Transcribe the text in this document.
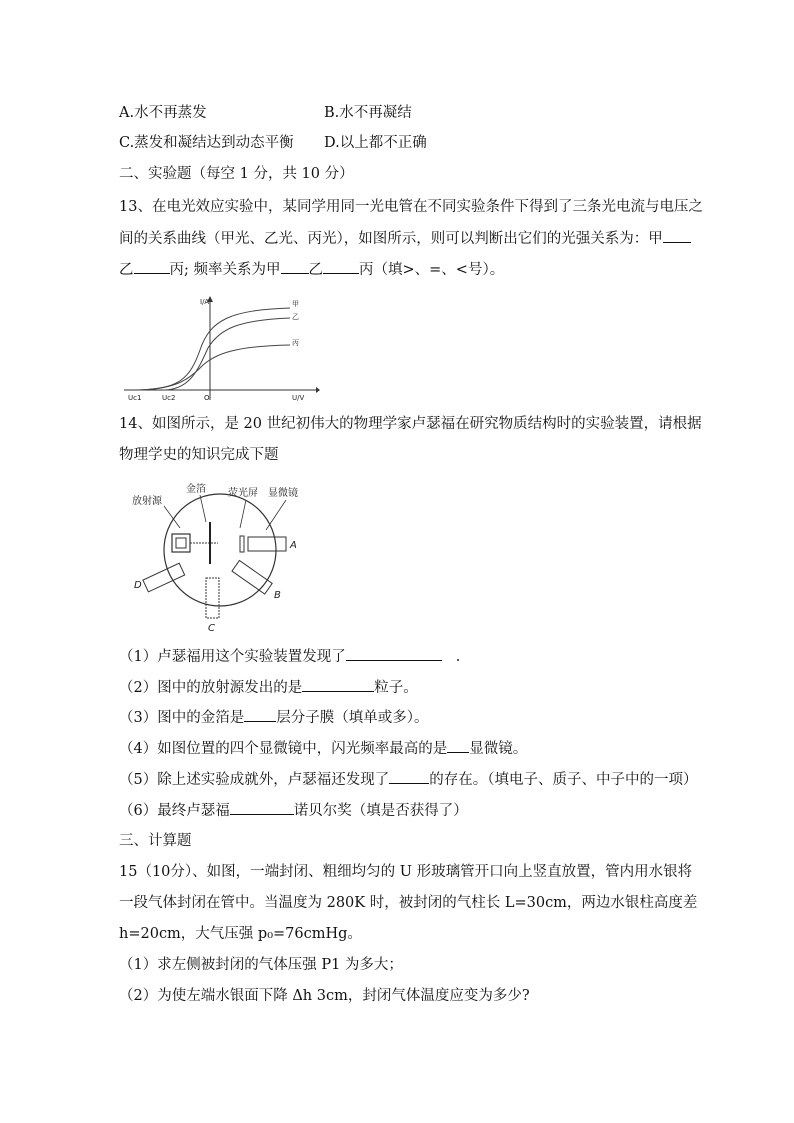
A.水不再蒸发	B.水不再凝结
C.蒸发和凝结达到动态平衡 D.以上都不正确
二、实验题（每空 1 分，共 10 分）
13、在电光效应实验中，某同学用同一光电管在不同实验条件下得到了三条光电流与电压之
间的关系曲线（甲光、乙光、丙光），如图所示，则可以判断出它们的光强关系为：甲
乙 丙; 频率关系为甲 乙 丙（填>、=、<号）。
I/A
U/V
O
Uc1	Uc2
甲
乙
丙
14、如图所示，是 20 世纪初伟大的物理学家卢瑟福在研究物质结构时的实验装置，请根据
物理学史的知识完成下题
放射源
金箔 荧光屏 显微镜
A
B
C
D
（1）卢瑟福用这个实验装置发现了	.
（2）图中的放射源发出的是	粒子。
（3）图中的金箔是 层分子膜（填单或多）。
（4）如图位置的四个显微镜中，闪光频率最高的是 显微镜。
（5）除上述实验成就外，卢瑟福还发现了	的存在。（填电子、质子、中子中的一项）
（6）最终卢瑟福	诺贝尔奖（填是否获得了）
三、计算题
15（10分）、如图，一端封闭、粗细均匀的 U 形玻璃管开口向上竖直放置，管内用水银将
一段气体封闭在管中。当温度为 280K 时，被封闭的气柱长 L=30cm，两边水银柱高度差
h=20cm，大气压强 p₀=76cmHg。
（1）求左侧被封闭的气体压强 P1 为多大；
（2）为使左端水银面下降 Δh 3cm，封闭气体温度应变为多少?
